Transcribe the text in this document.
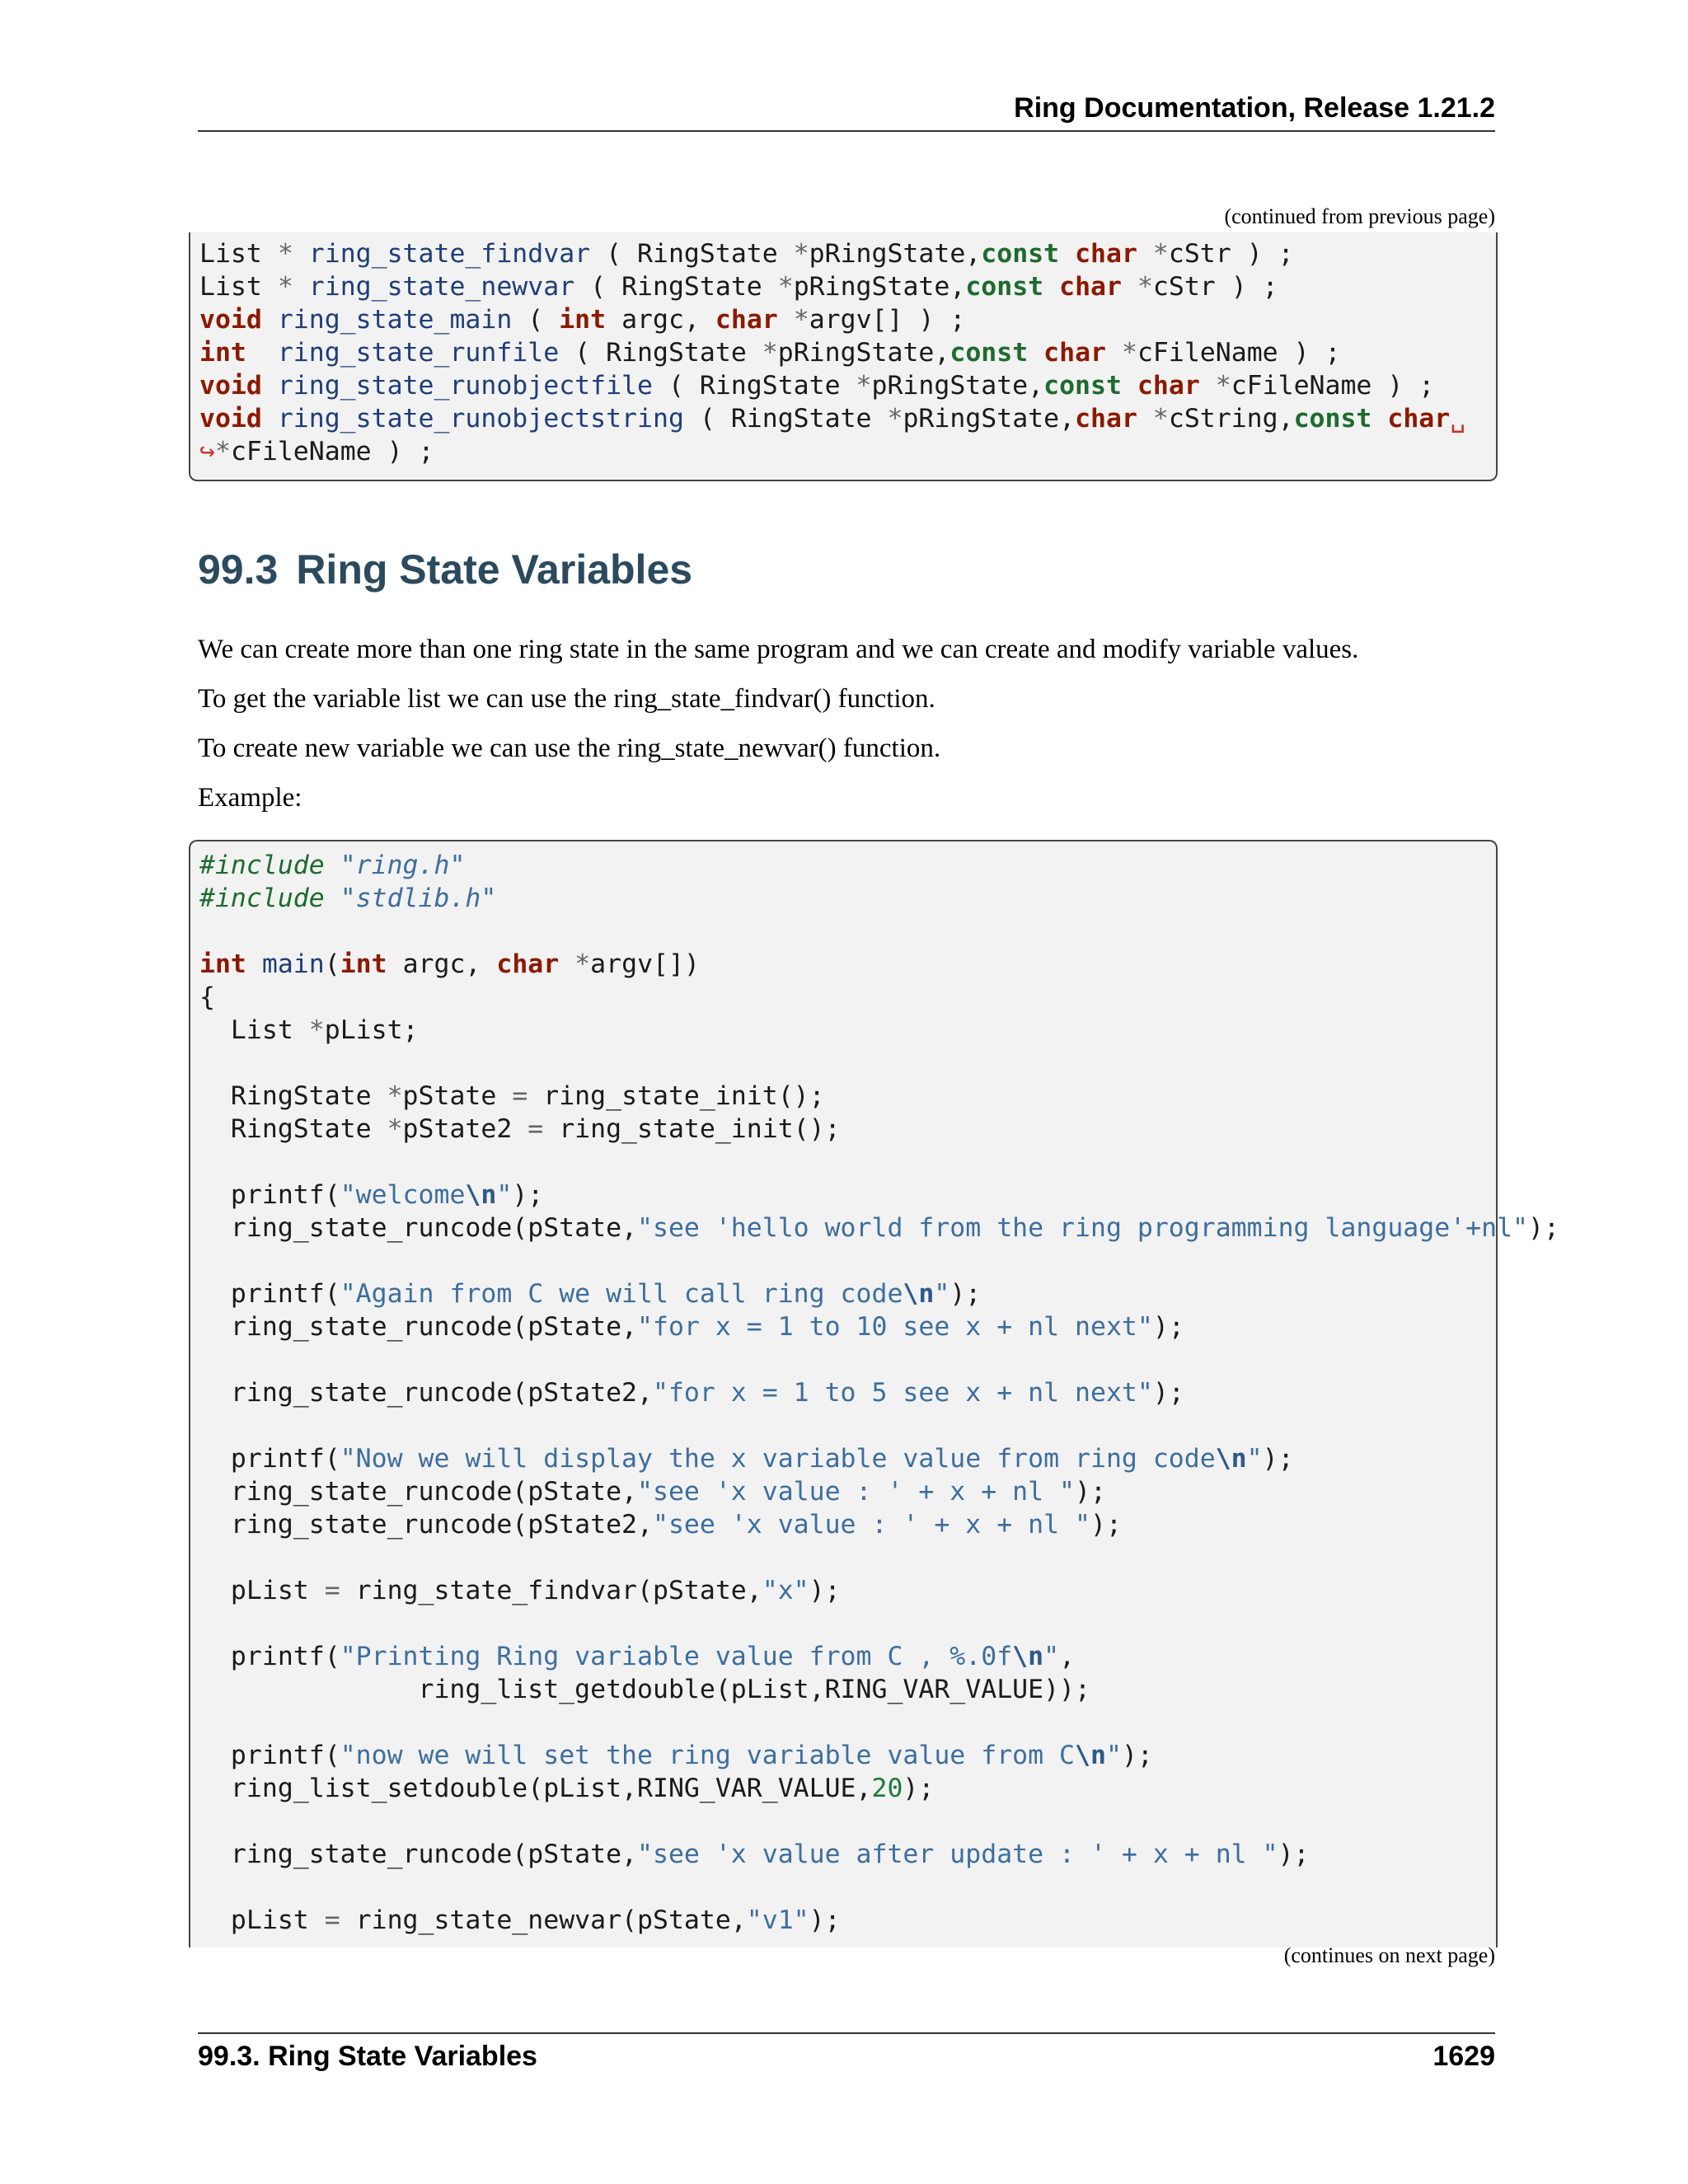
Ring Documentation, Release 1.21.2
(continued from previous page)
List * ring_state_findvar ( RingState *pRingState,const char *cStr ) ;
List * ring_state_newvar ( RingState *pRingState,const char *cStr ) ;
void ring_state_main ( int argc, char *argv[] ) ;
int ring_state_runfile ( RingState *pRingState,const char *cFileName ) ;
void ring_state_runobjectfile ( RingState *pRingState,const char *cFileName ) ;
void ring_state_runobjectstring ( RingState *pRingState,char *cString,const char␣
↪*cFileName ) ;
99.3 Ring State Variables
We can create more than one ring state in the same program and we can create and modify variable values.
To get the variable list we can use the ring_state_findvar() function.
To create new variable we can use the ring_state_newvar() function.
Example:
#include "ring.h"
#include "stdlib.h"

int main(int argc, char *argv[])
{
List *pList;

RingState *pState = ring_state_init();
RingState *pState2 = ring_state_init();

printf("welcome\n");
ring_state_runcode(pState,"see 'hello world from the ring programming language'+nl");

printf("Again from C we will call ring code\n");
ring_state_runcode(pState,"for x = 1 to 10 see x + nl next");

ring_state_runcode(pState2,"for x = 1 to 5 see x + nl next");

printf("Now we will display the x variable value from ring code\n");
ring_state_runcode(pState,"see 'x value : ' + x + nl ");
ring_state_runcode(pState2,"see 'x value : ' + x + nl ");

pList = ring_state_findvar(pState,"x");

printf("Printing Ring variable value from C , %.0f\n",
ring_list_getdouble(pList,RING_VAR_VALUE));

printf("now we will set the ring variable value from C\n");
ring_list_setdouble(pList,RING_VAR_VALUE,20);

ring_state_runcode(pState,"see 'x value after update : ' + x + nl ");

pList = ring_state_newvar(pState,"v1");
(continues on next page)
99.3. Ring State Variables	1629
